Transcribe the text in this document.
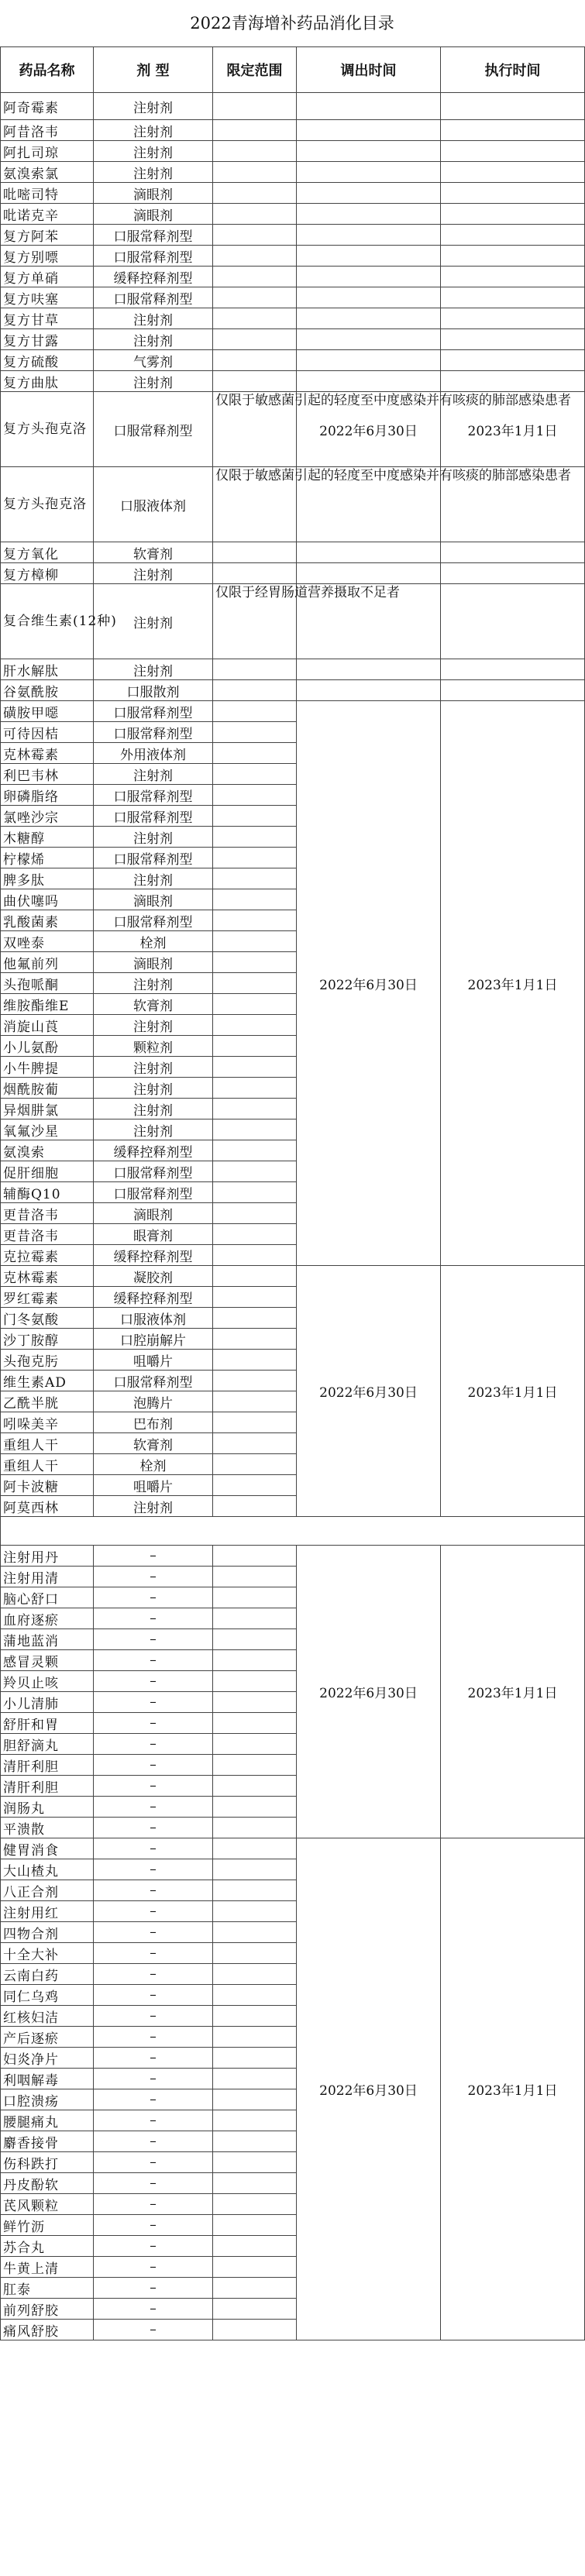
2022青海增补药品消化目录
药品名称	剂 型	限定范围	调出时间	执行时间
阿奇霉素	注射剂			
阿昔洛韦	注射剂			
阿扎司琼	注射剂			
氨溴索氯	注射剂			
吡嘧司特	滴眼剂			
吡诺克辛	滴眼剂			
复方阿苯	口服常释剂型			
复方别嘌	口服常释剂型			
复方单硝	缓释控释剂型			
复方呋塞	口服常释剂型			
复方甘草	注射剂			
复方甘露	注射剂			
复方硫酸	气雾剂			
复方曲肽	注射剂			
复方头孢克洛	口服常释剂型	仅限于敏感菌引起的轻度至中度感染并有咳痰的肺部感染患者	2022年6月30日	2023年1月1日
复方头孢克洛	口服液体剂	仅限于敏感菌引起的轻度至中度感染并有咳痰的肺部感染患者		
复方氧化	软膏剂			
复方樟柳	注射剂			
复合维生素(12种)	注射剂	仅限于经胃肠道营养摄取不足者		
肝水解肽	注射剂			
谷氨酰胺	口服散剂			
磺胺甲噁	口服常释剂型		2022年6月30日	2023年1月1日
可待因桔	口服常释剂型			
克林霉素	外用液体剂			
利巴韦林	注射剂			
卵磷脂络	口服常释剂型			
氯唑沙宗	口服常释剂型			
木糖醇	注射剂			
柠檬烯	口服常释剂型			
脾多肽	注射剂			
曲伏噻吗	滴眼剂			
乳酸菌素	口服常释剂型			
双唑泰	栓剂			
他氟前列	滴眼剂			
头孢哌酮	注射剂			
维胺酯维E	软膏剂			
消旋山莨	注射剂			
小儿氨酚	颗粒剂			
小牛脾提	注射剂			
烟酰胺葡	注射剂			
异烟肼氯	注射剂			
氧氟沙星	注射剂			
氨溴索	缓释控释剂型			
促肝细胞	口服常释剂型			
辅酶Q10	口服常释剂型			
更昔洛韦	滴眼剂			
更昔洛韦	眼膏剂			
克拉霉素	缓释控释剂型			
克林霉素	凝胶剂		2022年6月30日	2023年1月1日
罗红霉素	缓释控释剂型			
门冬氨酸	口服液体剂			
沙丁胺醇	口腔崩解片			
头孢克肟	咀嚼片			
维生素AD	口服常释剂型			
乙酰半胱	泡腾片			
吲哚美辛	巴布剂			
重组人干	软膏剂			
重组人干	栓剂			
阿卡波糖	咀嚼片			
阿莫西林	注射剂			

注射用丹	–		2022年6月30日	2023年1月1日
注射用清	–			
脑心舒口	–			
血府逐瘀	–			
蒲地蓝消	–			
感冒灵颗	–			
羚贝止咳	–			
小儿清肺	–			
舒肝和胃	–			
胆舒滴丸	–			
清肝利胆	–			
清肝利胆	–			
润肠丸	–			
平溃散	–			
健胃消食	–		2022年6月30日	2023年1月1日
大山楂丸	–			
八正合剂	–			
注射用红	–			
四物合剂	–			
十全大补	–			
云南白药	–			
同仁乌鸡	–			
红核妇洁	–			
产后逐瘀	–			
妇炎净片	–			
利咽解毒	–			
口腔溃疡	–			
腰腿痛丸	–			
麝香接骨	–			
伤科跌打	–			
丹皮酚软	–			
芪风颗粒	–			
鲜竹沥	–			
苏合丸	–			
牛黄上清	–			
肛泰	–			
前列舒胶	–			
痛风舒胶	–			
